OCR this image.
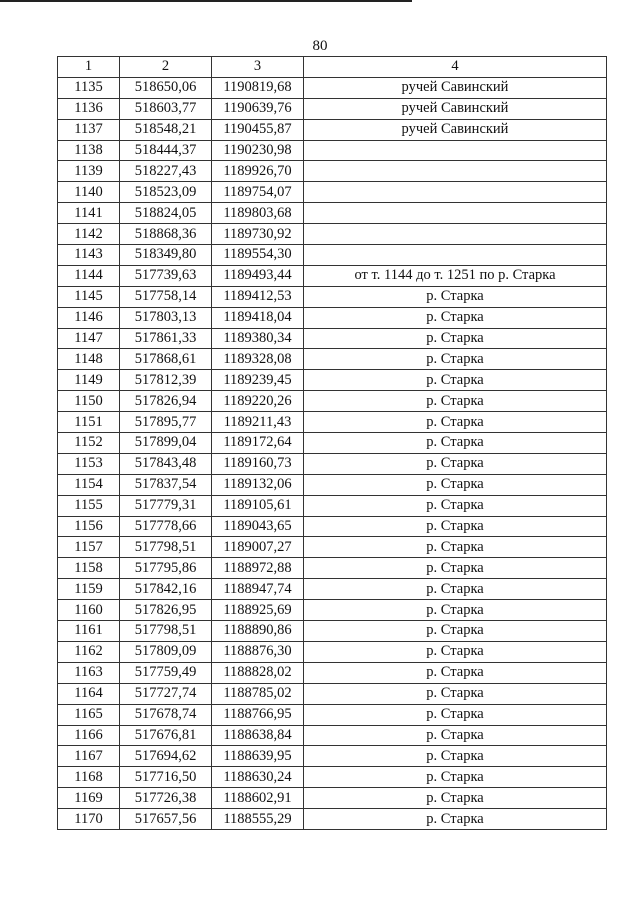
80
1	2	3	4
1135	518650,06	1190819,68	ручей Савинский
1136	518603,77	1190639,76	ручей Савинский
1137	518548,21	1190455,87	ручей Савинский
1138	518444,37	1190230,98	
1139	518227,43	1189926,70	
1140	518523,09	1189754,07	
1141	518824,05	1189803,68	
1142	518868,36	1189730,92	
1143	518349,80	1189554,30	
1144	517739,63	1189493,44	от т. 1144 до т. 1251 по р. Старка
1145	517758,14	1189412,53	р. Старка
1146	517803,13	1189418,04	р. Старка
1147	517861,33	1189380,34	р. Старка
1148	517868,61	1189328,08	р. Старка
1149	517812,39	1189239,45	р. Старка
1150	517826,94	1189220,26	р. Старка
1151	517895,77	1189211,43	р. Старка
1152	517899,04	1189172,64	р. Старка
1153	517843,48	1189160,73	р. Старка
1154	517837,54	1189132,06	р. Старка
1155	517779,31	1189105,61	р. Старка
1156	517778,66	1189043,65	р. Старка
1157	517798,51	1189007,27	р. Старка
1158	517795,86	1188972,88	р. Старка
1159	517842,16	1188947,74	р. Старка
1160	517826,95	1188925,69	р. Старка
1161	517798,51	1188890,86	р. Старка
1162	517809,09	1188876,30	р. Старка
1163	517759,49	1188828,02	р. Старка
1164	517727,74	1188785,02	р. Старка
1165	517678,74	1188766,95	р. Старка
1166	517676,81	1188638,84	р. Старка
1167	517694,62	1188639,95	р. Старка
1168	517716,50	1188630,24	р. Старка
1169	517726,38	1188602,91	р. Старка
1170	517657,56	1188555,29	р. Старка
